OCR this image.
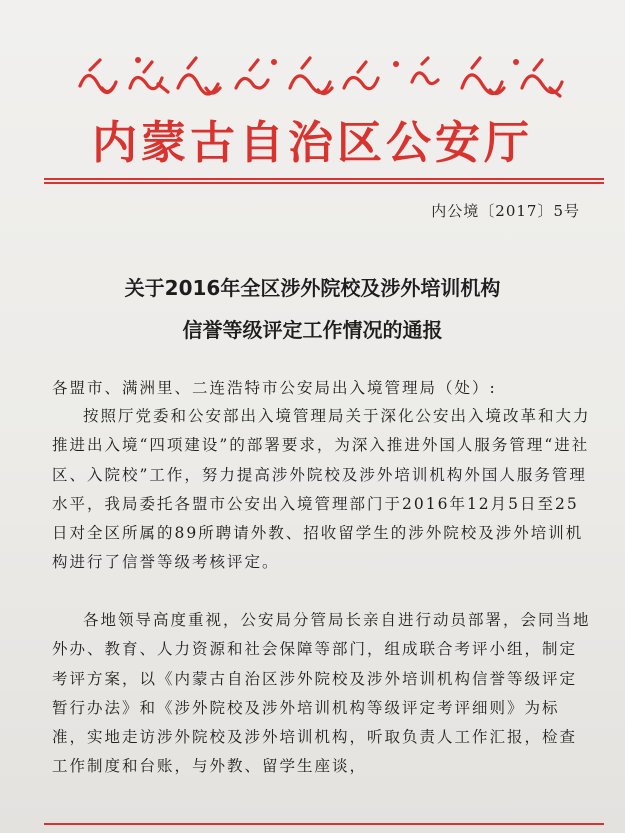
内蒙古自治区公安厅
内公境〔2017〕5号
关于2016年全区涉外院校及涉外培训机构
信誉等级评定工作情况的通报
各盟市、满洲里、二连浩特市公安局出入境管理局（处）:
按照厅党委和公安部出入境管理局关于深化公安出入境改革和大力推进出入境“四项建设”的部署要求，为深入推进外国人服务管理“进社区、入院校”工作，努力提高涉外院校及涉外培训机构外国人服务管理水平，我局委托各盟市公安出入境管理部门于2016年12月5日至25日对全区所属的89所聘请外教、招收留学生的涉外院校及涉外培训机构进行了信誉等级考核评定。
各地领导高度重视，公安局分管局长亲自进行动员部署，会同当地外办、教育、人力资源和社会保障等部门，组成联合考评小组，制定考评方案，以《内蒙古自治区涉外院校及涉外培训机构信誉等级评定暂行办法》和《涉外院校及涉外培训机构等级评定考评细则》为标准，实地走访涉外院校及涉外培训机构，听取负责人工作汇报，检查工作制度和台账，与外教、留学生座谈，
